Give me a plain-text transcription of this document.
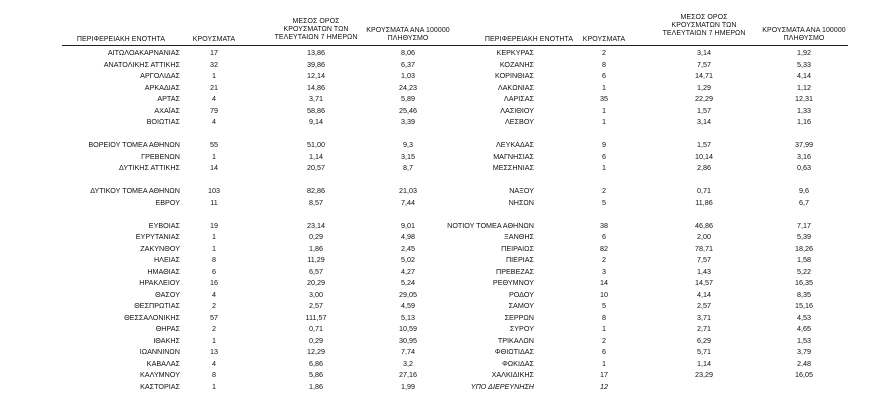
ΠΕΡΙΦΕΡΕΙΑΚΗ ΕΝΟΤΗΤΑ	ΚΡΟΥΣΜΑΤΑ
ΜΕΣΟΣ ΟΡΟΣ
ΚΡΟΥΣΜΑΤΩΝ ΤΩΝ
ΤΕΛΕΥΤΑΙΩΝ 7 ΗΜΕΡΩΝ
ΚΡΟΥΣΜΑΤΑ ΑΝΑ 100000
ΠΛΗΘΥΣΜΟ	ΠΕΡΙΦΕΡΕΙΑΚΗ ΕΝΟΤΗΤΑ	ΚΡΟΥΣΜΑΤΑ
ΜΕΣΟΣ ΟΡΟΣ
ΚΡΟΥΣΜΑΤΩΝ ΤΩΝ
ΤΕΛΕΥΤΑΙΩΝ 7 ΗΜΕΡΩΝ	ΚΡΟΥΣΜΑΤΑ ΑΝΑ 100000
ΠΛΗΘΥΣΜΟ
ΑΙΤΩΛΟΑΚΑΡΝΑΝΙΑΣ	17	13,86	8,06
ΑΝΑΤΟΛΙΚΗΣ ΑΤΤΙΚΗΣ	32	39,86	6,37
ΑΡΓΟΛΙΔΑΣ	1	12,14	1,03
ΑΡΚΑΔΙΑΣ	21	14,86	24,23
ΑΡΤΑΣ	4	3,71	5,89
ΑΧΑΪΑΣ	79	58,86	25,46
ΒΟΙΩΤΙΑΣ	4	9,14	3,39
ΒΟΡΕΙΟΥ ΤΟΜΕΑ ΑΘΗΝΩΝ	55	51,00	9,3
ΓΡΕΒΕΝΩΝ	1	1,14	3,15
ΔΥΤΙΚΗΣ ΑΤΤΙΚΗΣ	14	20,57	8,7
ΔΥΤΙΚΟΥ ΤΟΜΕΑ ΑΘΗΝΩΝ	103	82,86	21,03
ΕΒΡΟΥ	11	8,57	7,44
ΕΥΒΟΙΑΣ	19	23,14	9,01
ΕΥΡΥΤΑΝΙΑΣ	1	0,29	4,98
ΖΑΚΥΝΘΟΥ	1	1,86	2,45
ΗΛΕΙΑΣ	8	11,29	5,02
ΗΜΑΘΙΑΣ	6	6,57	4,27
ΗΡΑΚΛΕΙΟΥ	16	20,29	5,24
ΘΑΣΟΥ	4	3,00	29,05
ΘΕΣΠΡΩΤΙΑΣ	2	2,57	4,59
ΘΕΣΣΑΛΟΝΙΚΗΣ	57	111,57	5,13
ΘΗΡΑΣ	2	0,71	10,59
ΙΘΑΚΗΣ	1	0,29	30,95
ΙΩΑΝΝΙΝΩΝ	13	12,29	7,74
ΚΑΒΑΛΑΣ	4	6,86	3,2
ΚΑΛΥΜΝΟΥ	8	5,86	27,16
ΚΑΣΤΟΡΙΑΣ	1	1,86	1,99
ΚΕΡΚΥΡΑΣ	2	3,14	1,92
ΚΟΖΑΝΗΣ	8	7,57	5,33
ΚΟΡΙΝΘΙΑΣ	6	14,71	4,14
ΛΑΚΩΝΙΑΣ	1	1,29	1,12
ΛΑΡΙΣΑΣ	35	22,29	12,31
ΛΑΣΙΘΙΟΥ	1	1,57	1,33
ΛΕΣΒΟΥ	1	3,14	1,16
ΛΕΥΚΑΔΑΣ	9	1,57	37,99
ΜΑΓΝΗΣΙΑΣ	6	10,14	3,16
ΜΕΣΣΗΝΙΑΣ	1	2,86	0,63
ΝΑΞΟΥ	2	0,71	9,6
ΝΗΣΩΝ	5	11,86	6,7
ΝΟΤΙΟΥ ΤΟΜΕΑ ΑΘΗΝΩΝ	38	46,86	7,17
ΞΑΝΘΗΣ	6	2,00	5,39
ΠΕΙΡΑΙΩΣ	82	78,71	18,26
ΠΙΕΡΙΑΣ	2	7,57	1,58
ΠΡΕΒΕΖΑΣ	3	1,43	5,22
ΡΕΘΥΜΝΟΥ	14	14,57	16,35
ΡΟΔΟΥ	10	4,14	8,35
ΣΑΜΟΥ	5	2,57	15,16
ΣΕΡΡΩΝ	8	3,71	4,53
ΣΥΡΟΥ	1	2,71	4,65
ΤΡΙΚΑΛΩΝ	2	6,29	1,53
ΦΘΙΩΤΙΔΑΣ	6	5,71	3,79
ΦΩΚΙΔΑΣ	1	1,14	2,48
ΧΑΛΚΙΔΙΚΗΣ	17	23,29	16,05
ΥΠΟ ΔΙΕΡΕΥΝΗΣΗ	12
